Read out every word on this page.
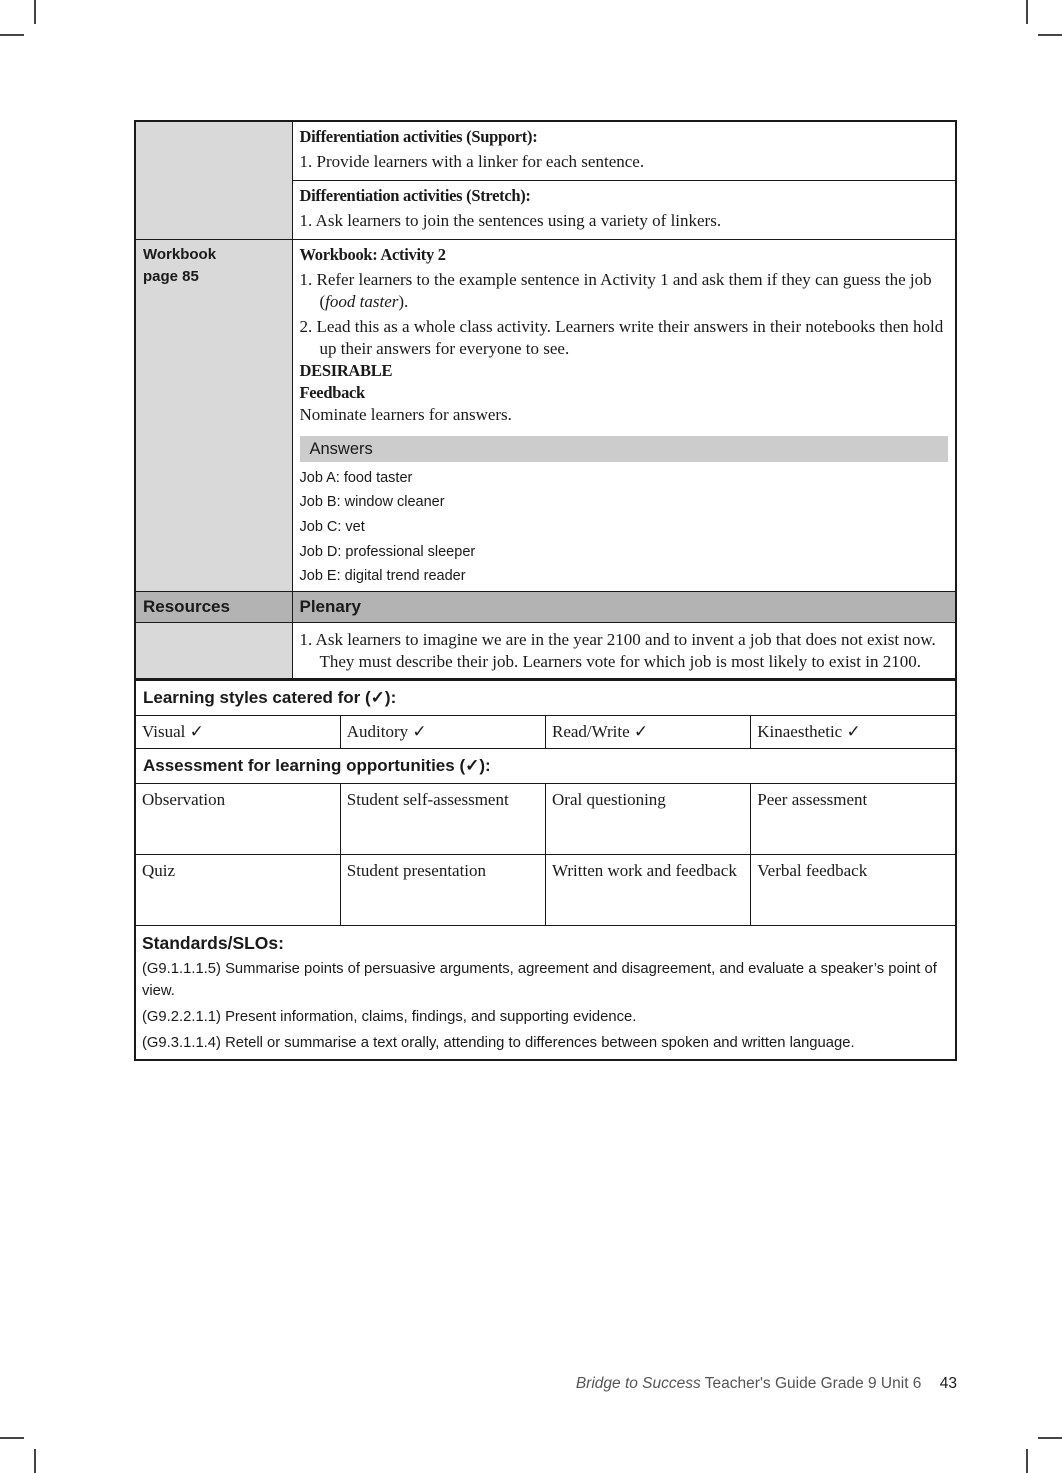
	Differentiation activities (Support):
1. Provide learners with a linker for each sentence.

	Differentiation activities (Stretch):
1. Ask learners to join the sentences using a variety of linkers.

Workbook
page 85

Workbook: Activity 2
1. Refer learners to the example sentence in Activity 1 and ask them if they can guess the job (food taster).
2. Lead this as a whole class activity. Learners write their answers in their notebooks then hold up their answers for everyone to see.
DESIRABLE
Feedback
Nominate learners for answers.
Answers
Job A: food taster
Job B: window cleaner
Job C: vet
Job D: professional sleeper
Job E: digital trend reader

Resources	Plenary

	1. Ask learners to imagine we are in the year 2100 and to invent a job that does not exist now. They must describe their job. Learners vote for which job is most likely to exist in 2100.
Learning styles catered for (✓):			
Visual ✓	Auditory ✓	Read/Write ✓	Kinaesthetic ✓
Assessment for learning opportunities (✓):			
Observation	Student self-assessment	Oral questioning	Peer assessment
Quiz	Student presentation	Written work and feedback	Verbal feedback

Standards/SLOs:
(G9.1.1.1.5) Summarise points of persuasive arguments, agreement and disagreement, and evaluate a speaker’s point of view.
(G9.2.2.1.1) Present information, claims, findings, and supporting evidence.
(G9.3.1.1.4) Retell or summarise a text orally, attending to differences between spoken and written language.			
Bridge to Success Teacher's Guide Grade 9 Unit 6 43
